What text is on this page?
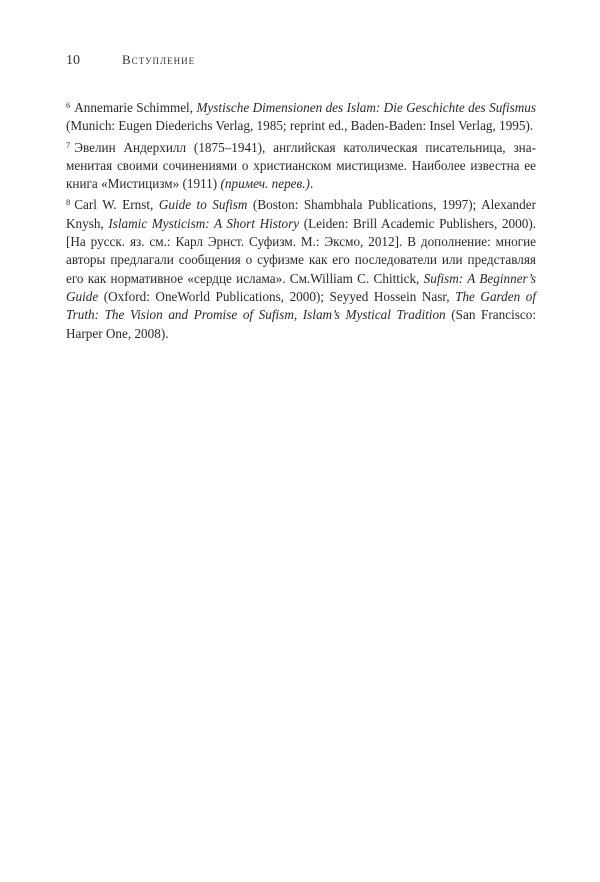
10	Вступление

$^6$ Annemarie Schimmel, Mystische Dimensionen des Islam: Die Geschichte des Sufismus (Munich: Eugen Diederichs Verlag, 1985; reprint ed., Baden-Baden: Insel Verlag, 1995).

$^7$ Эвелин Андерхилл (1875–1941), английская католическая писательница, знаменитая своими сочинениями о христианском мистицизме. Наиболее известна ее книга «Мистицизм» (1911) (примеч. перев.).

$^8$ Carl W. Ernst, Guide to Sufism (Boston: Shambhala Publications, 1997); Alexander Knysh, Islamic Mysticism: A Short History (Leiden: Brill Academic Publishers, 2000). [На русск. яз. см.: Карл Эрнст. Суфизм. М.: Эксмо, 2012]. В дополнение: многие авторы предлагали сообщения о суфизме как его последователи или представляя его как нормативное «сердце ислама». См.William C. Chittick, Sufism: A Beginner’s Guide (Oxford: OneWorld Publications, 2000); Seyyed Hossein Nasr, The Garden of Truth: The Vision and Promise of Sufism, Islam’s Mystical Tradition (San Francisco: Harper One, 2008).
